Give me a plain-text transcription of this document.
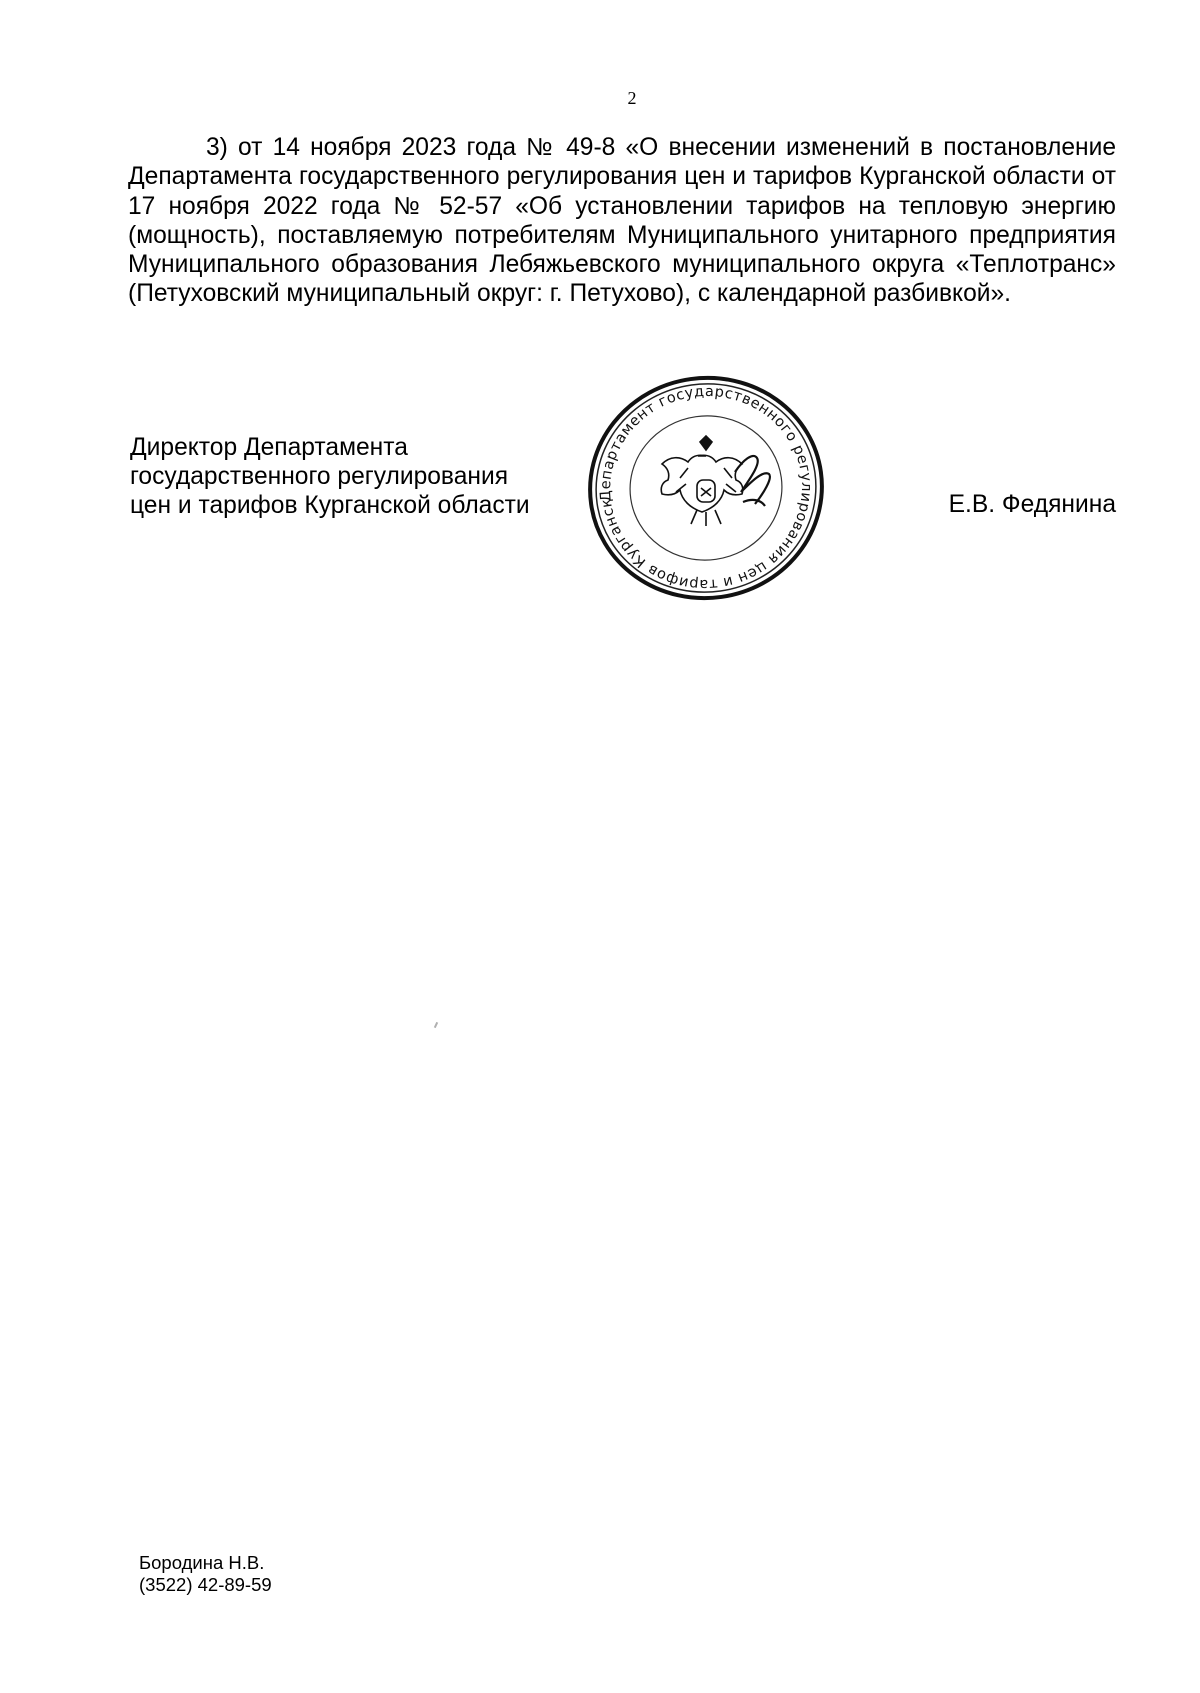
2

3) от 14 ноября 2023 года № 49-8 «О внесении изменений в постановление Департамента государственного регулирования цен и тарифов Курганской области от 17 ноября 2022 года № 52-57 «Об установлении тарифов на тепловую энергию (мощность), поставляемую потребителям Муниципального унитарного предприятия Муниципального образования Лебяжьевского муниципального округа «Теплотранс» (Петуховский муниципальный округ: г. Петухово), с календарной разбивкой».

Директор Департамента
государственного регулирования
цен и тарифов Курганской области	Департамент государственного регулирования цен и тарифов Курганской
Е.В. Федянина
Бородина Н.В.
(3522) 42-89-59
